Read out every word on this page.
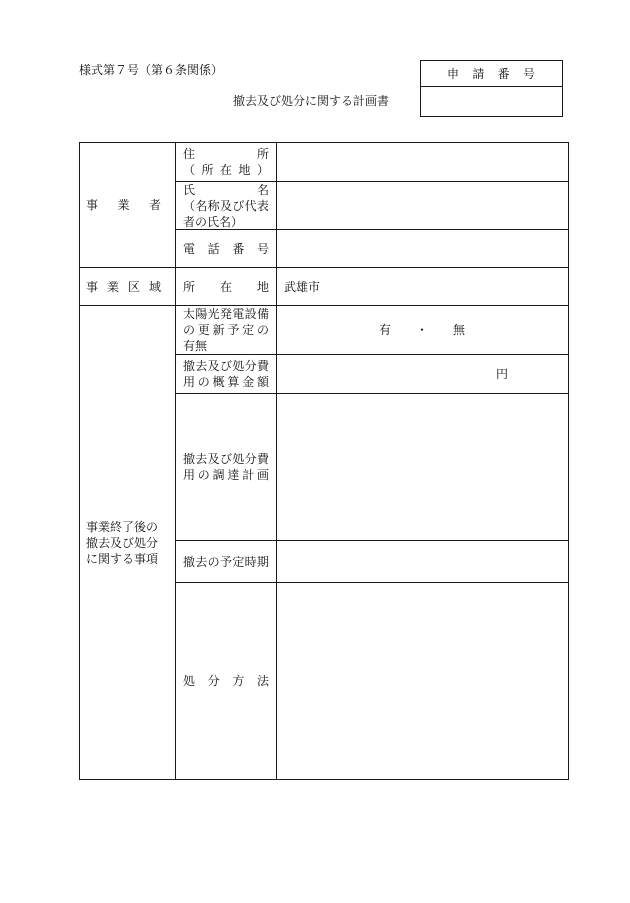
様式第７号（第６条関係）
撤去及び処分に関する計画書
申 請 番 号
事 業 者
住 所
（ 所 在 地 ）
氏 名
（名称及び代表
者の氏名）
電 話 番 号
事 業 区 域 所 在 地 武雄市
事業終了後の
撤去及び処分
に関する事項
太陽光発電設備
の更新予定の
有無
有 ・ 無
撤去及び処分費
用の概算金額
円
撤去及び処分費
用の調達計画
撤去の予定時期
処 分 方 法
